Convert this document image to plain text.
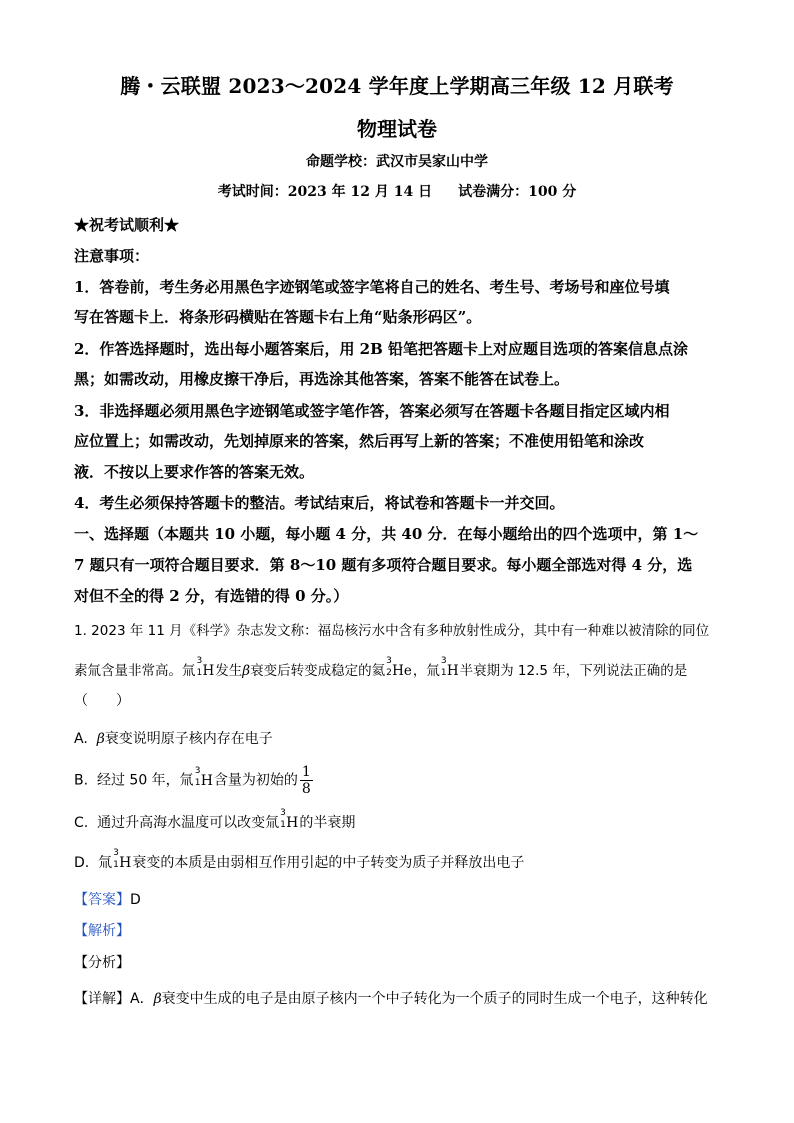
腾・云联盟 2023～2024 学年度上学期高三年级 12 月联考
物理试卷
命题学校：武汉市吴家山中学
考试时间：2023 年 12 月 14 日 试卷满分：100 分
★祝考试顺利★
注意事项：
1．答卷前，考生务必用黑色字迹钢笔或签字笔将自己的姓名、考生号、考场号和座位号填
写在答题卡上．将条形码横贴在答题卡右上角“贴条形码区”。
2．作答选择题时，选出每小题答案后，用 2B 铅笔把答题卡上对应题目选项的答案信息点涂
黑；如需改动，用橡皮擦干净后，再选涂其他答案，答案不能答在试卷上。
3．非选择题必须用黑色字迹钢笔或签字笔作答，答案必须写在答题卡各题目指定区域内相
应位置上；如需改动，先划掉原来的答案，然后再写上新的答案；不准使用铅笔和涂改
液．不按以上要求作答的答案无效。
4．考生必须保持答题卡的整洁。考试结束后，将试卷和答题卡一并交回。
一、选择题（本题共 10 小题，每小题 4 分，共 40 分．在每小题给出的四个选项中，第 1～
7 题只有一项符合题目要求．第 8～10 题有多项符合题目要求。每小题全部选对得 4 分，选
对但不全的得 2 分，有选错的得 0 分。）
1. 2023 年 11 月《科学》杂志发文称：福岛核污水中含有多种放射性成分，其中有一种难以被清除的同位
素氚含量非常高。氚
3
1 H发生β衰变后转变成稳定的氦
3
2 He，氚
3
1 H半衰期为 12.5 年，下列说法正确的是
（　　）
A. β衰变说明原子核内存在电子
B. 经过 50 年，氚
3
1 H含量为初始的 $\frac{1}{8}$
C. 通过升高海水温度可以改变氚
3
1 H的半衰期
D. 氚
3
1 H衰变的本质是由弱相互作用引起的中子转变为质子并释放出电子
【答案】D
【解析】
【分析】
【详解】A．β衰变中生成的电子是由原子核内一个中子转化为一个质子的同时生成一个电子，这种转化
